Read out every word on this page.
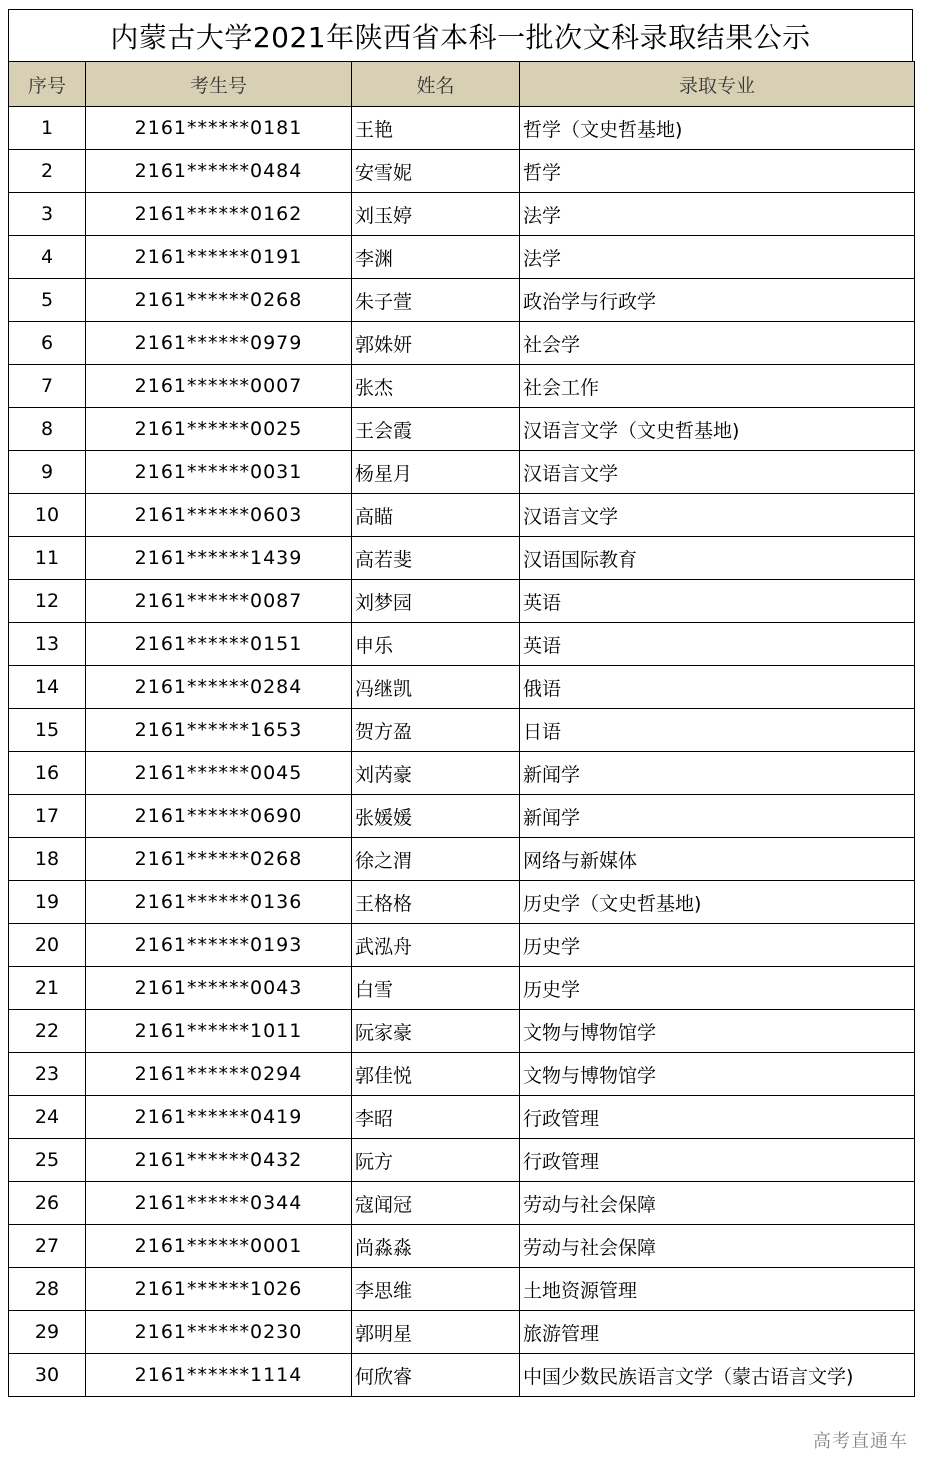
内蒙古大学2021年陕西省本科一批次文科录取结果公示
序号	考生号	姓名	录取专业
1	2161******0181	王艳	哲学（文史哲基地)
2	2161******0484	安雪妮	哲学
3	2161******0162	刘玉婷	法学
4	2161******0191	李渊	法学
5	2161******0268	朱子萱	政治学与行政学
6	2161******0979	郭姝妍	社会学
7	2161******0007	张杰	社会工作
8	2161******0025	王会霞	汉语言文学（文史哲基地)
9	2161******0031	杨星月	汉语言文学
10	2161******0603	高瞄	汉语言文学
11	2161******1439	高若斐	汉语国际教育
12	2161******0087	刘梦园	英语
13	2161******0151	申乐	英语
14	2161******0284	冯继凯	俄语
15	2161******1653	贺方盈	日语
16	2161******0045	刘芮豪	新闻学
17	2161******0690	张媛媛	新闻学
18	2161******0268	徐之渭	网络与新媒体
19	2161******0136	王格格	历史学（文史哲基地)
20	2161******0193	武泓舟	历史学
21	2161******0043	白雪	历史学
22	2161******1011	阮家豪	文物与博物馆学
23	2161******0294	郭佳悦	文物与博物馆学
24	2161******0419	李昭	行政管理
25	2161******0432	阮方	行政管理
26	2161******0344	寇闻冠	劳动与社会保障
27	2161******0001	尚淼淼	劳动与社会保障
28	2161******1026	李思维	土地资源管理
29	2161******0230	郭明星	旅游管理
30	2161******1114	何欣睿	中国少数民族语言文学（蒙古语言文学)
高考直通车
